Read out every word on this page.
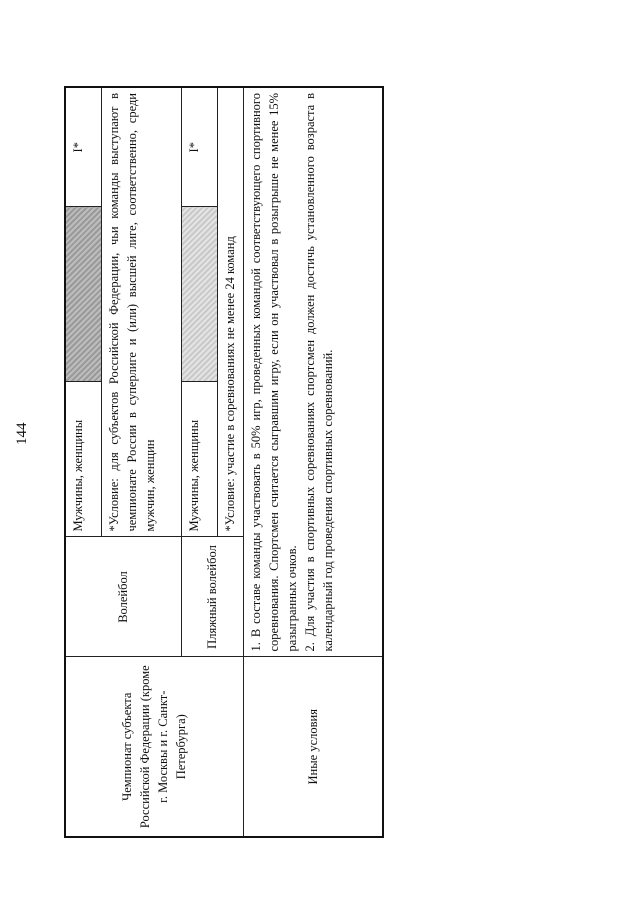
144
Чемпионат субъекта Российской Федерации (кроме г. Москвы и г. Санкт-Петербурга)	Волейбол	Мужчины, женщины		I*
		*Условие: для субъектов Российской Федерации, чьи команды выступают в чемпионате России в суперлиге и (или) высшей лиге, соответственно, среди мужчин, женщин		
	Пляжный волейбол	Мужчины, женщины		I*
		*Условие: участие в соревнованиях не менее 24 команд		
Иные условия	1. В составе команды участвовать в 50% игр, проведенных командой соответствующего спортивного соревнования. Спортсмен считается сыгравшим игру, если он участвовал в розыгрыше не менее 15% разыгранных очков. 2. Для участия в спортивных соревнованиях спортсмен должен достичь установленного возраста в календарный год проведения спортивных соревнований.			
